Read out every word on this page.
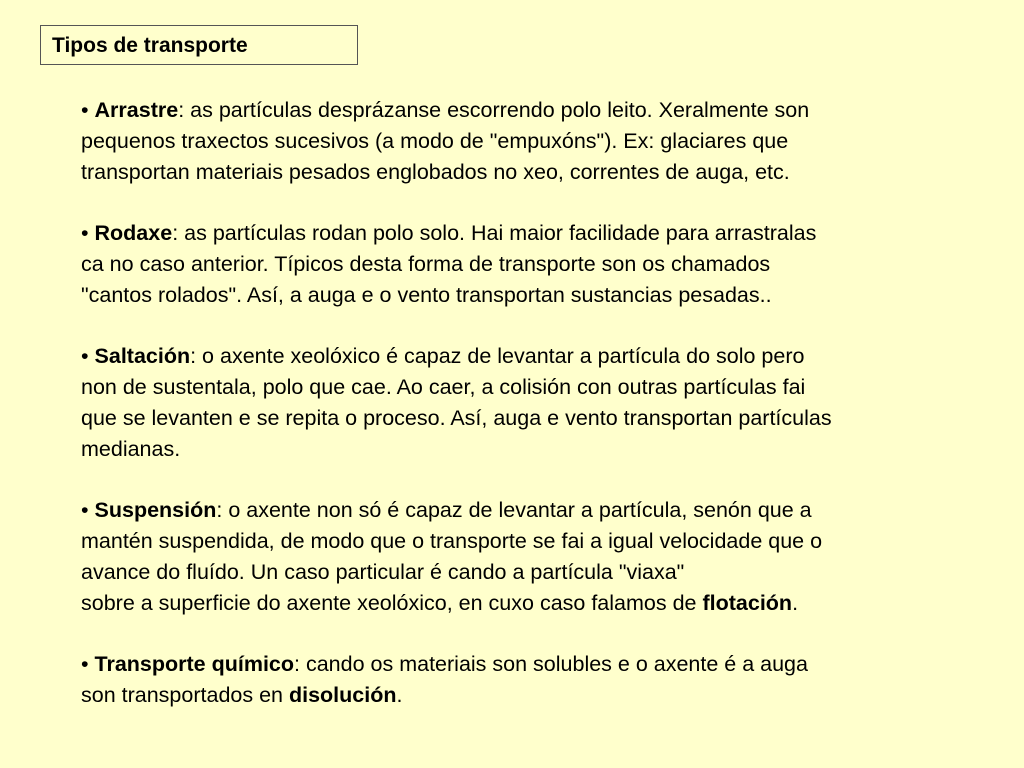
Tipos de transporte

• Arrastre: as partículas desprázanse escorrendo polo leito. Xeralmente son
pequenos traxectos sucesivos (a modo de "empuxóns"). Ex: glaciares que
transportan materiais pesados englobados no xeo, correntes de auga, etc.

• Rodaxe: as partículas rodan polo solo. Hai maior facilidade para arrastralas
ca no caso anterior. Típicos desta forma de transporte son os chamados
"cantos rolados". Así, a auga e o vento transportan sustancias pesadas..

• Saltación: o axente xeolóxico é capaz de levantar a partícula do solo pero
non de sustentala, polo que cae. Ao caer, a colisión con outras partículas fai
que se levanten e se repita o proceso. Así, auga e vento transportan partículas
medianas.

• Suspensión: o axente non só é capaz de levantar a partícula, senón que a
mantén suspendida, de modo que o transporte se fai a igual velocidade que o
avance do fluído. Un caso particular é cando a partícula "viaxa"
sobre a superficie do axente xeolóxico, en cuxo caso falamos de flotación.

• Transporte químico: cando os materiais son solubles e o axente é a auga
son transportados en disolución.
